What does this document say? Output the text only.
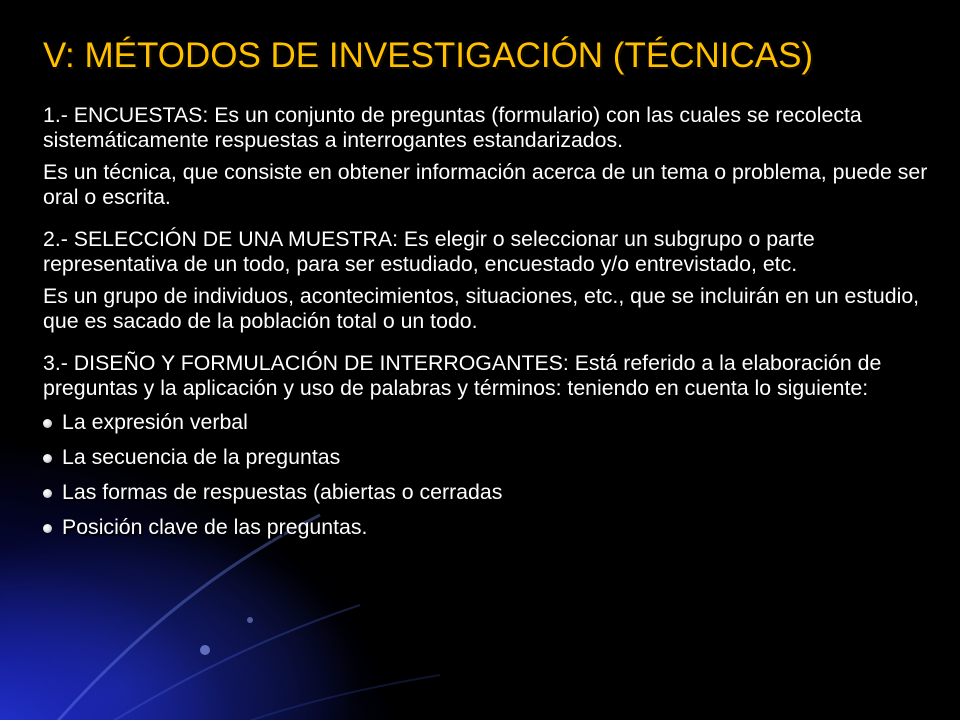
V: MÉTODOS DE INVESTIGACIÓN (TÉCNICAS)

1.- ENCUESTAS: Es un conjunto de preguntas (formulario) con las cuales se recolecta sistemáticamente respuestas a interrogantes estandarizados.

Es un técnica, que consiste en obtener información acerca de un tema o problema, puede ser oral o escrita.

2.- SELECCIÓN DE UNA MUESTRA: Es elegir o seleccionar un subgrupo o parte representativa de un todo, para ser estudiado, encuestado y/o entrevistado, etc.

Es un grupo de individuos, acontecimientos, situaciones, etc., que se incluirán en un estudio, que es sacado de la población total o un todo.

3.- DISEÑO Y FORMULACIÓN DE INTERROGANTES: Está referido a la elaboración de preguntas y la aplicación y uso de palabras y términos: teniendo en cuenta lo siguiente:

La expresión verbal
La secuencia de la preguntas
Las formas de respuestas (abiertas o cerradas
Posición clave de las preguntas.
